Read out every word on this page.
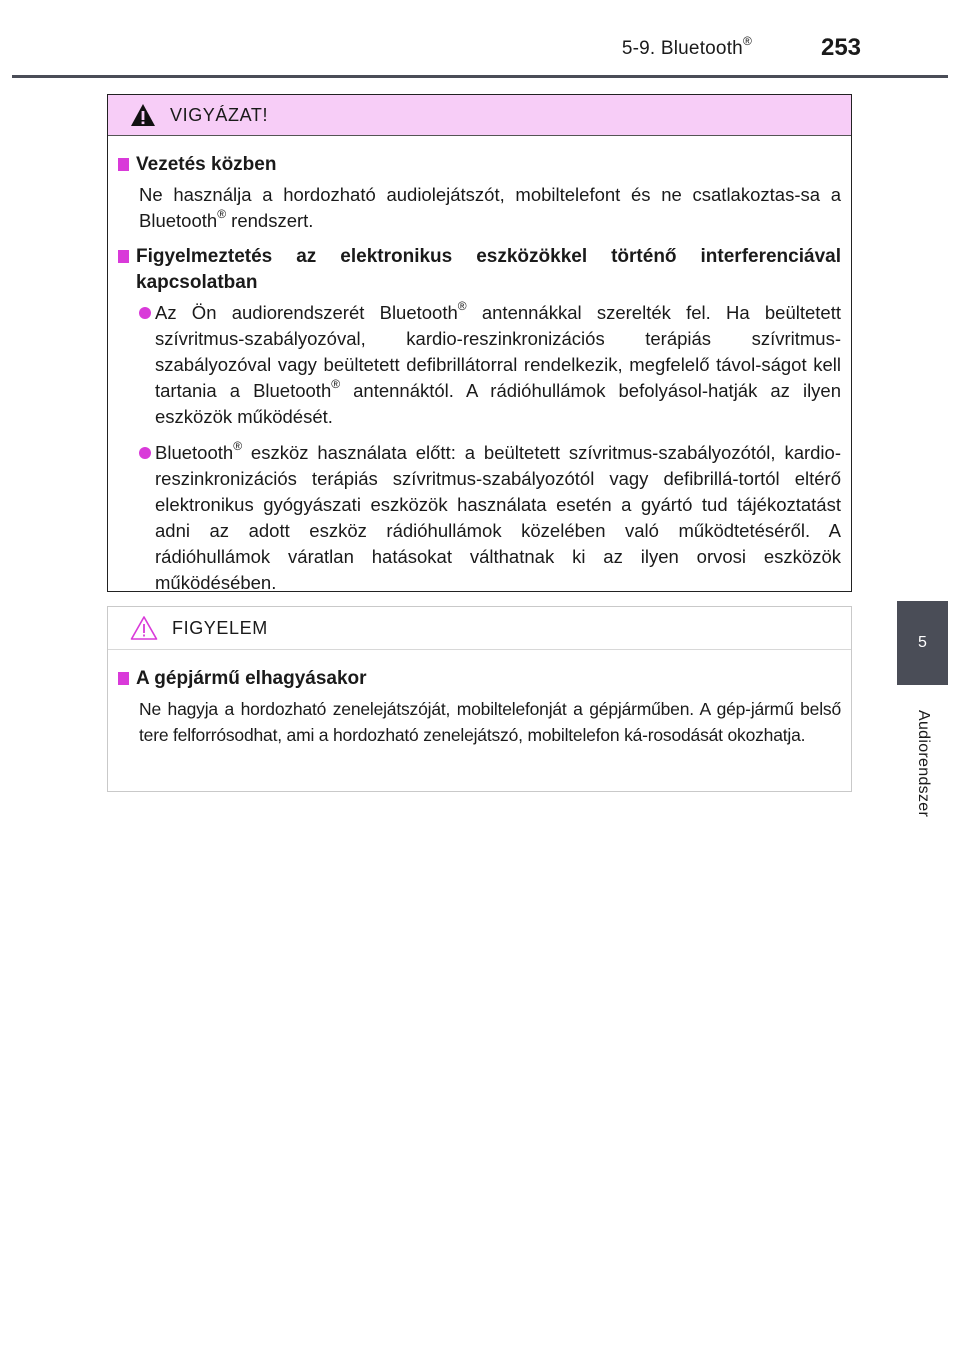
5-9. Bluetooth®	253
5
Audiorendszer
VIGYÁZAT!
Vezetés közben
Ne használja a hordozható audiolejátszót, mobiltelefont és ne csatlakoztas-sa a Bluetooth® rendszert.
Figyelmeztetés az elektronikus eszközökkel történő interferenciával kapcsolatban
Az Ön audiorendszerét Bluetooth® antennákkal szerelték fel. Ha beültetett szívritmus-szabályozóval, kardio-reszinkronizációs terápiás szívritmus-szabályozóval vagy beültetett defibrillátorral rendelkezik, megfelelő távol-ságot kell tartania a Bluetooth® antennáktól. A rádióhullámok befolyásol-hatják az ilyen eszközök működését.
Bluetooth® eszköz használata előtt: a beültetett szívritmus-szabályozótól, kardio-reszinkronizációs terápiás szívritmus-szabályozótól vagy defibrillá-tortól eltérő elektronikus gyógyászati eszközök használata esetén a gyártó tud tájékoztatást adni az adott eszköz rádióhullámok közelében való működtetéséről. A rádióhullámok váratlan hatásokat válthatnak ki az ilyen orvosi eszközök működésében.
FIGYELEM
A gépjármű elhagyásakor
Ne hagyja a hordozható zenelejátszóját, mobiltelefonját a gépjárműben. A gép-jármű belső tere felforrósodhat, ami a hordozható zenelejátszó, mobiltelefon ká-rosodását okozhatja.
